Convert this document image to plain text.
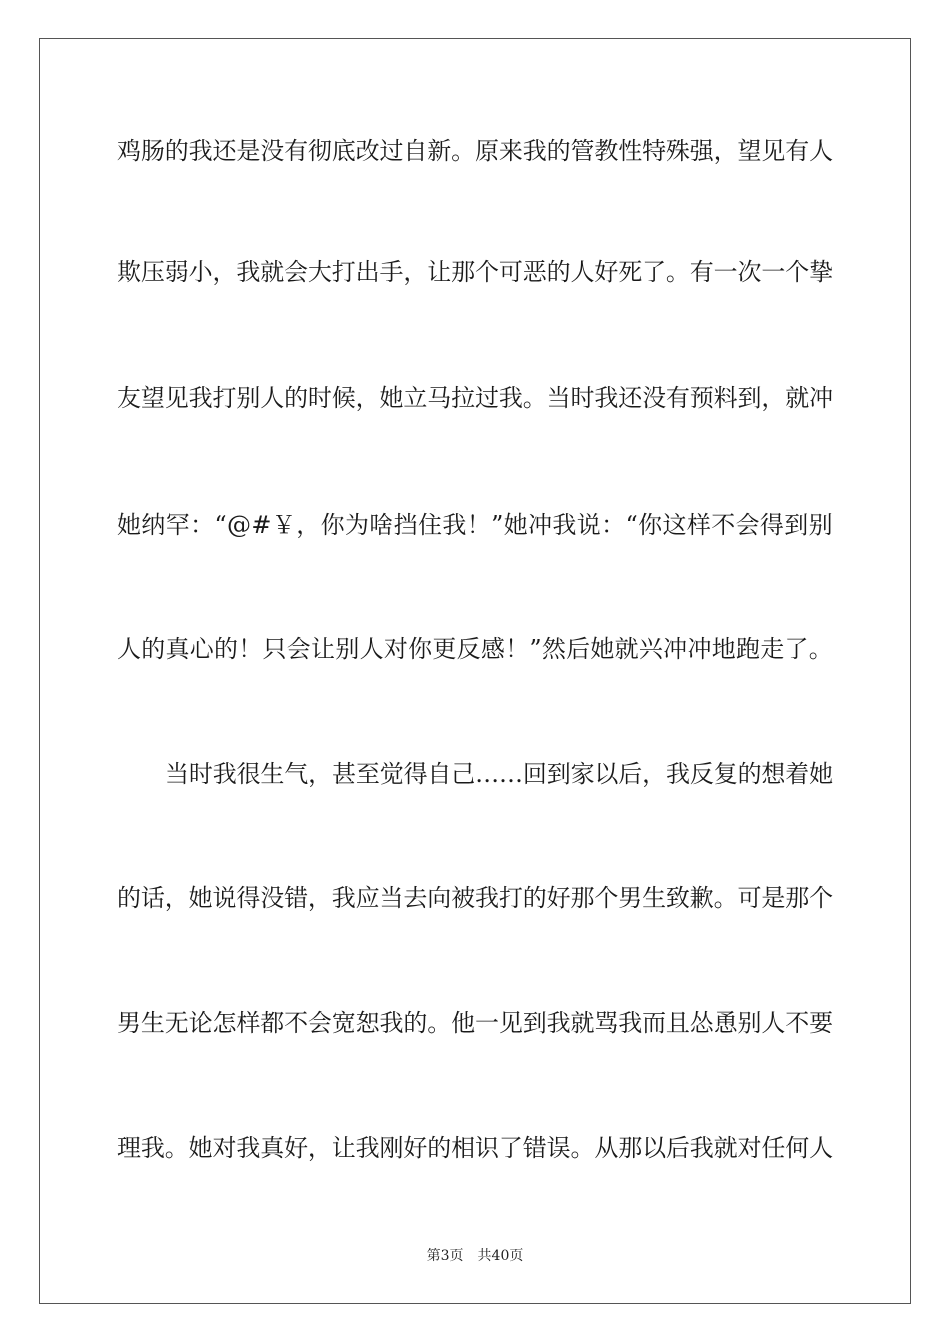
鸡肠的我还是没有彻底改过自新。原来我的管教性特殊强，望见有人
欺压弱小，我就会大打出手，让那个可恶的人好死了。有一次一个挚
友望见我打别人的时候，她立马拉过我。当时我还没有预料到，就冲
她纳罕：“@#￥，你为啥挡住我！”她冲我说：“你这样不会得到别
人的真心的！只会让别人对你更反感！”然后她就兴冲冲地跑走了。
当时我很生气，甚至觉得自己……回到家以后，我反复的想着她
的话，她说得没错，我应当去向被我打的好那个男生致歉。可是那个
男生无论怎样都不会宽恕我的。他一见到我就骂我而且怂恿别人不要
理我。她对我真好，让我刚好的相识了错误。从那以后我就对任何人
第3页 共40页
